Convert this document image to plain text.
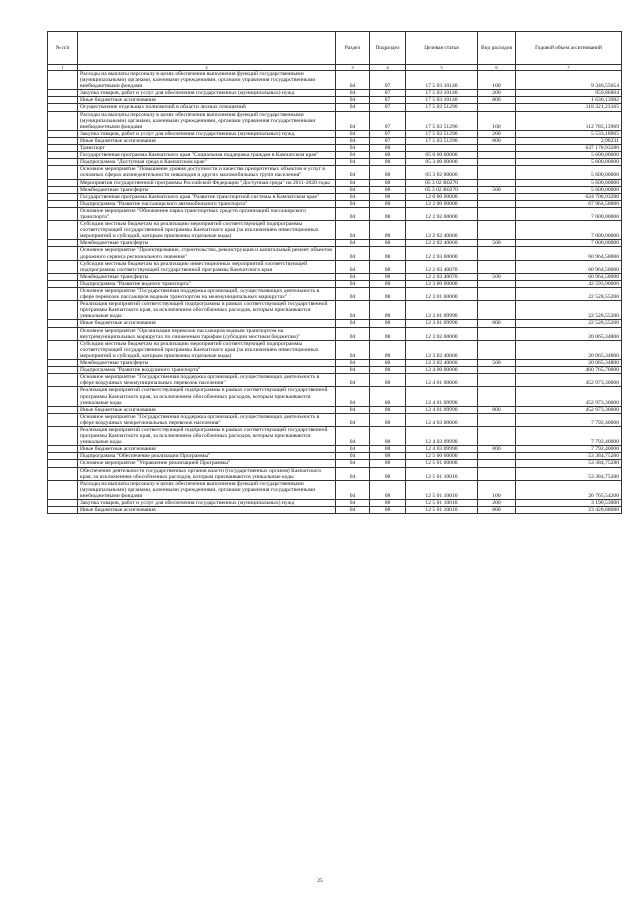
№ п/п		Раздел	Подраздел	Целевая статья	Вид расходов	Годовой объем ассигнований
1	2	3	4	5	6	7
	Расходы на выплаты персоналу в целях обеспечения выполнения функций государственными (муниципальными) органами, казенными учреждениями, органами управления государственными внебюджетными фондами	04	07	17 5 03 10140	100	9 346,55654
	Закупка товаров, работ и услуг для обеспечения государственных (муниципальных) нужд	04	07	17 5 03 10140	200	959,86864
	Иные бюджетные ассигнования	04	07	17 5 03 10140	800	1 630,13982
	Осуществление отдельных полномочий в области лесных отношений	04	07	17 5 03 51290		118 321,23165
	Расходы на выплаты персоналу в целях обеспечения выполнения функций государственными (муниципальными) органами, казенными учреждениями, органами управления государственными внебюджетными фондами	04	07	17 5 03 51290	100	112 785,13969
	Закупка товаров, работ и услуг для обеспечения государственных (муниципальных) нужд	04	07	17 5 03 51290	200	5 533,18965
	Иные бюджетные ассигнования	04	07	17 5 03 51290	800	2,90231
	Транспорт	04	08			637 178,93280
	Государственная программа Камчатского края "Социальная поддержка граждан в Камчатском крае"	04	08	05 0 00 00000		5 600,00000
	Подпрограмма "Доступная среда в Камчатском крае"	04	08	05 3 00 00000		5 600,00000
	Основное мероприятие "Повышение уровня доступности и качества приоритетных объектов и услуг в основных сферах жизнедеятельности инвалидов и других маломобильных групп населения"	04	08	05 3 02 00000		5 600,00000
	Мероприятия государственной программы Российской Федерации "Доступная среда" на 2011-2020 годы	04	08	05 3 02 R0270		5 600,00000
	Межбюджетные трансферты	04	08	05 3 02 R0270	500	5 600,00000
	Государственная программа Камчатского края "Развитие транспортной системы в Камчатском крае"	04	08	12 0 00 00000		624 708,93280
	Подпрограмма "Развитие пассажирского автомобильного транспорта"	04	08	12 2 00 00000		67 964,58000
	Основное мероприятие "Обновление парка транспортных средств организаций пассажирского транспорта"	04	08	12 2 02 00000		7 000,00000
	Субсидии местным бюджетам на реализацию мероприятий соответствующей подпрограммы соответствующей государственной программы Камчатского края (за исключением инвестиционных мероприятий и субсидий, которым присвоены отдельные коды)	04	08	12 2 02 40060		7 000,00000
	Межбюджетные трансферты	04	08	12 2 02 40060	500	7 000,00000
	Основное мероприятие "Проектирование, строительство, реконструкция и капитальный ремонт объектов дорожного сервиса регионального значения"	04	08	12 2 03 00000		60 964,58000
	Субсидии местным бюджетам на реализацию инвестиционных мероприятий соответствующей подпрограммы соответствующей государственной программы Камчатского края	04	08	12 2 03 40070		60 964,58000
	Межбюджетные трансферты	04	08	12 2 03 40070	500	60 964,58000
	Подпрограмма "Развитие водного транспорта"	04	08	12 3 00 00000		42 593,90000
	Основное мероприятие "Государственная поддержка организаций, осуществляющих деятельность в сфере перевозок пассажиров водным транспортом на межмуниципальных маршрутах"	04	08	12 3 01 00000		22 528,55200
	Реализация мероприятий соответствующей подпрограммы в рамках соответствующей государственной программы Камчатского края, за исключением обособленных расходов, которым присваиваются уникальные коды	04	08	12 3 01 09990		22 528,55200
	Иные бюджетные ассигнования	04	08	12 3 01 09990	800	22 528,55200
	Основное мероприятие "Организация перевозок пассажиров водным транспортом на внутримуниципальных маршрутах по сниженным тарифам (субсидии местным бюджетам)"	04	08	12 3 02 00000		20 065,34800
	Субсидии местным бюджетам на реализацию мероприятий соответствующей подпрограммы соответствующей государственной программы Камчатского края (за исключением инвестиционных мероприятий и субсидий, которым присвоены отдельные коды)	04	08	12 3 02 40060		20 065,34800
	Межбюджетные трансферты	04	08	12 3 02 40060	500	20 065,34800
	Подпрограмма "Развитие воздушного транспорта"	04	08	12 4 00 00000		460 765,70000
	Основное мероприятие "Государственная поддержка организаций, осуществляющих деятельность в сфере воздушных межмуниципальных перевозок населения"	04	08	12 4 01 00000		452 973,30000
	Реализация мероприятий соответствующей подпрограммы в рамках соответствующей государственной программы Камчатского края, за исключением обособленных расходов, которым присваиваются уникальные коды	04	08	12 4 01 09990		452 973,30000
	Иные бюджетные ассигнования	04	08	12 4 01 09990	800	452 973,30000
	Основное мероприятие "Государственная поддержка организаций, осуществляющих деятельность в сфере воздушных межрегиональных перевозок населения"	04	08	12 4 03 00000		7 792,40000
	Реализация мероприятий соответствующей подпрограммы в рамках соответствующей государственной программы Камчатского края, за исключением обособленных расходов, которым присваиваются уникальные коды	04	08	12 4 03 09990		7 792,40000
	Иные бюджетные ассигнования	04	08	12 4 03 09990	800	7 792,40000
	Подпрограмма "Обеспечение реализации Программы"	04	08	12 5 00 00000		53 384,75280
	Основное мероприятие "Управление реализацией Программы"	04	08	12 5 01 00000		53 384,75280
	Обеспечение деятельности государственных органов власти (государственных органов) Камчатского края, за исключением обособленных расходов, которым присваиваются уникальные коды	04	08	12 5 01 10010		53 384,75280
	Расходы на выплаты персоналу в целях обеспечения выполнения функций государственными (муниципальными) органами, казенными учреждениями, органами управления государственными внебюджетными фондами	04	08	12 5 01 10010	100	26 765,54200
	Закупка товаров, работ и услуг для обеспечения государственных (муниципальных) нужд	04	08	12 5 01 10010	200	3 190,53000
	Иные бюджетные ассигнования	04	08	12 5 01 10010	800	23 428,68080
25
